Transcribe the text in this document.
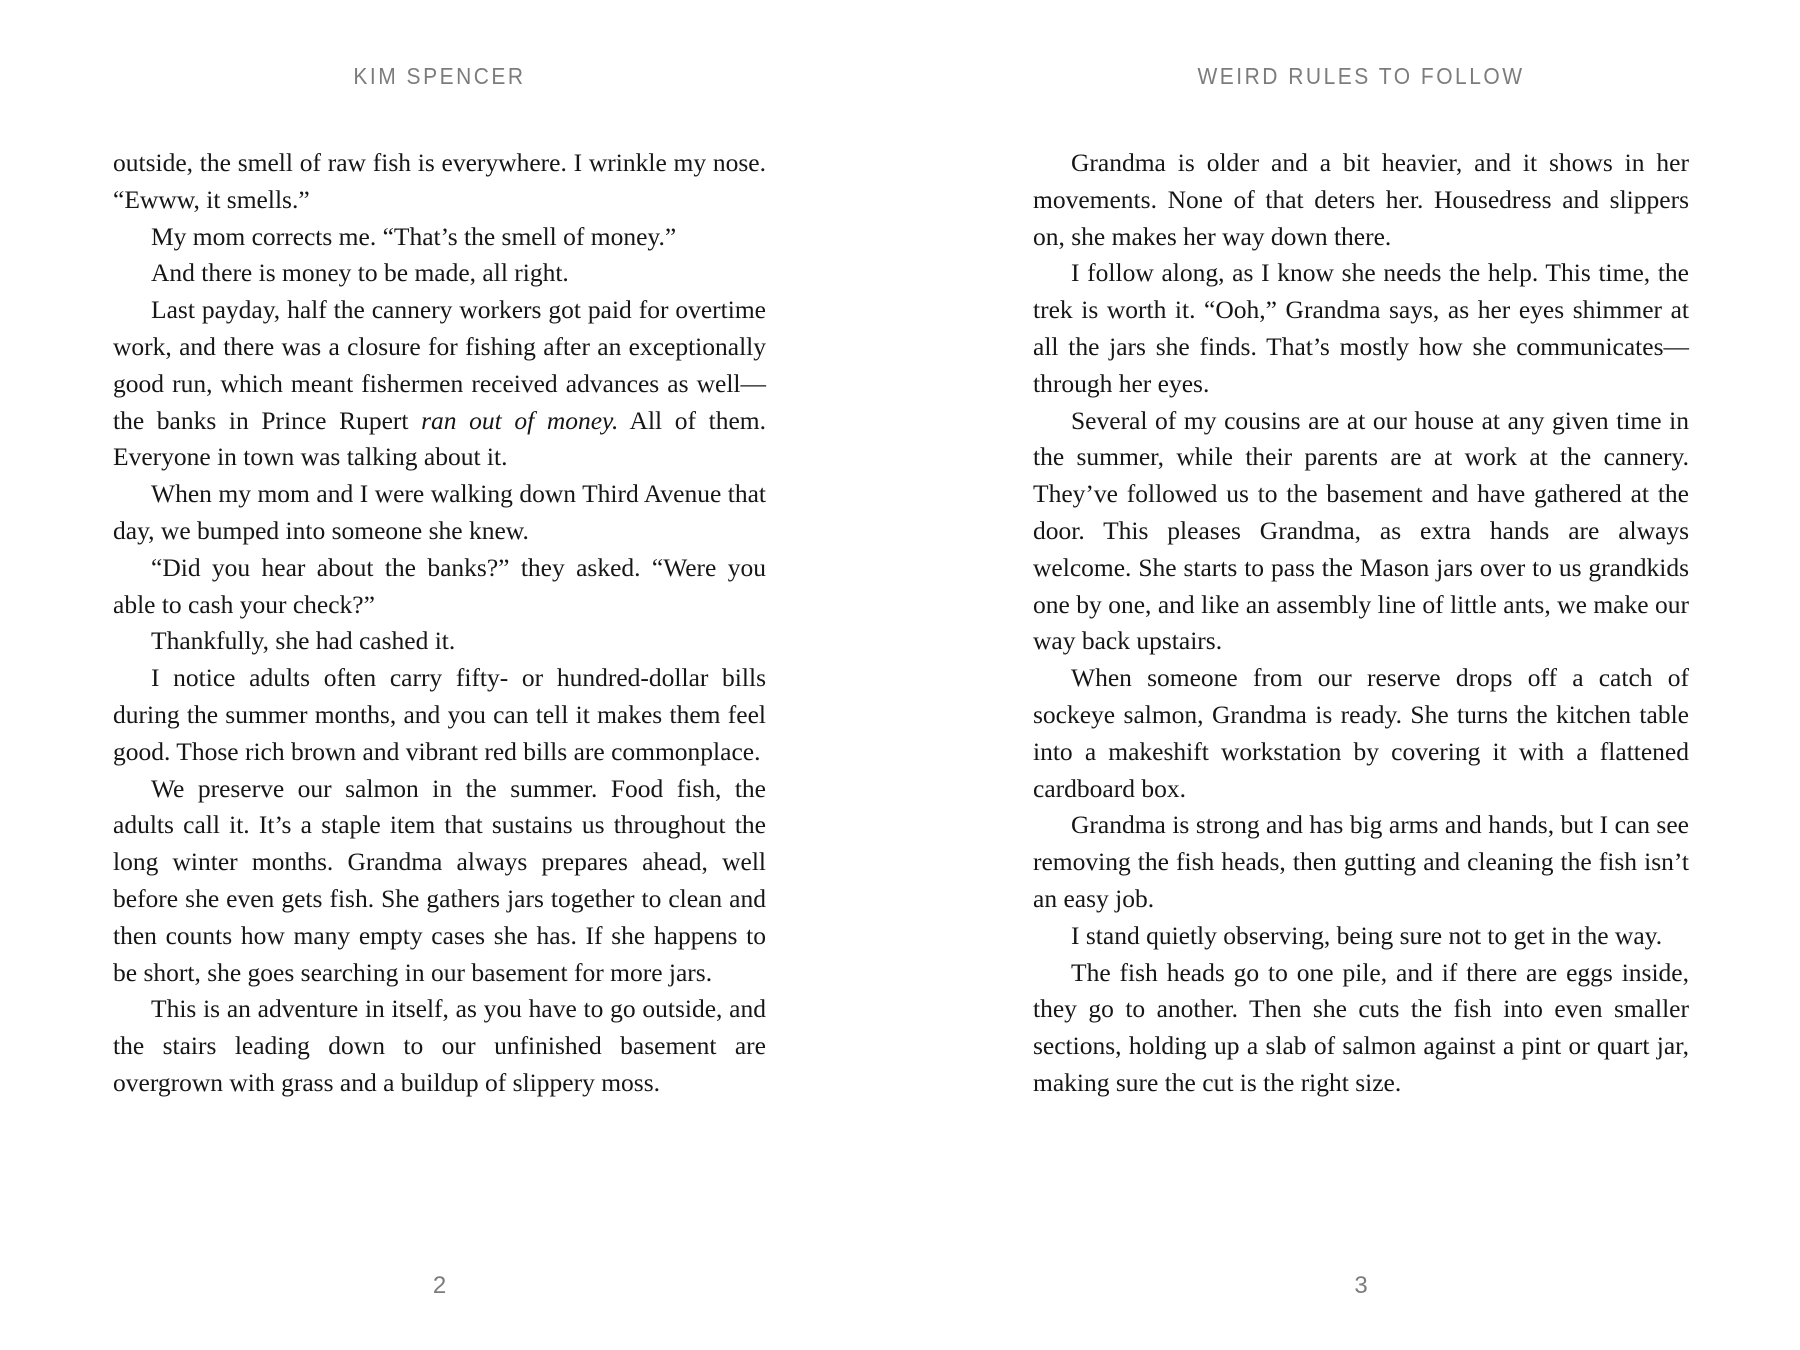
KIM SPENCER

outside, the smell of raw fish is everywhere. I wrinkle my nose. “Ewww, it smells.”

My mom corrects me. “That’s the smell of money.”

And there is money to be made, all right.

Last payday, half the cannery workers got paid for overtime work, and there was a closure for fishing after an exceptionally good run, which meant fishermen received advances as well—the banks in Prince Rupert ran out of money. All of them. Everyone in town was talking about it.

When my mom and I were walking down Third Avenue that day, we bumped into someone she knew.

“Did you hear about the banks?” they asked. “Were you able to cash your check?”

Thankfully, she had cashed it.

I notice adults often carry fifty- or hundred-dollar bills during the summer months, and you can tell it makes them feel good. Those rich brown and vibrant red bills are commonplace.

We preserve our salmon in the summer. Food fish, the adults call it. It’s a staple item that sustains us throughout the long winter months. Grandma always prepares ahead, well before she even gets fish. She gathers jars together to clean and then counts how many empty cases she has. If she happens to be short, she goes searching in our basement for more jars.

This is an adventure in itself, as you have to go outside, and the stairs leading down to our unfinished basement are overgrown with grass and a buildup of slippery moss.

2
WEIRD RULES TO FOLLOW

Grandma is older and a bit heavier, and it shows in her movements. None of that deters her. Housedress and slippers on, she makes her way down there.

I follow along, as I know she needs the help. This time, the trek is worth it. “Ooh,” Grandma says, as her eyes shimmer at all the jars she finds. That’s mostly how she communicates—through her eyes.

Several of my cousins are at our house at any given time in the summer, while their parents are at work at the cannery. They’ve followed us to the basement and have gathered at the door. This pleases Grandma, as extra hands are always welcome. She starts to pass the Mason jars over to us grandkids one by one, and like an assembly line of little ants, we make our way back upstairs.

When someone from our reserve drops off a catch of sockeye salmon, Grandma is ready. She turns the kitchen table into a makeshift workstation by covering it with a flattened cardboard box.

Grandma is strong and has big arms and hands, but I can see removing the fish heads, then gutting and cleaning the fish isn’t an easy job.

I stand quietly observing, being sure not to get in the way.

The fish heads go to one pile, and if there are eggs inside, they go to another. Then she cuts the fish into even smaller sections, holding up a slab of salmon against a pint or quart jar, making sure the cut is the right size.

3
